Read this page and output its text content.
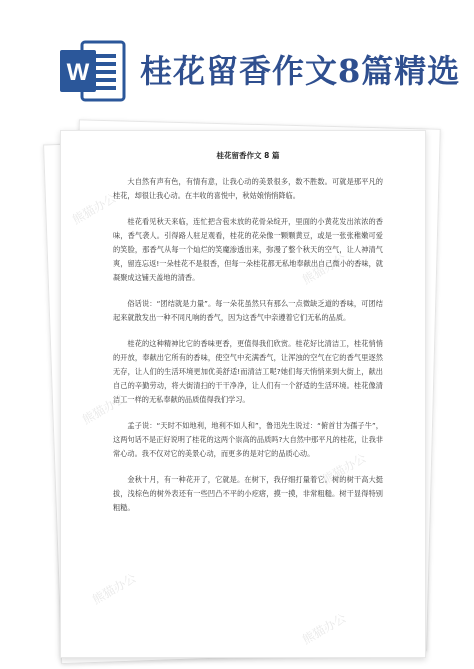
W 桂花留香作文8篇精选
桂花留香作文 8 篇

大自然有声有色，有情有意，让我心动的美景很多，数不胜数。可就是那平凡的桂花，却很让我心动。在丰收的喜悦中，秋姑娘悄悄降临。

桂花看见秋天来临，连忙把含苞未放的花骨朵绽开，里面的小黄花发出浓浓的香味，香气袭人。引得路人驻足观看，桂花的花朵像一颗颗黄豆，或是一张张稚嫩可爱的笑脸，那香气从每一个灿烂的笑魔渗透出来，弥漫了整个秋天的空气，让人神清气爽，留连忘返!一朵桂花不是很香，但每一朵桂花都无私地奉献出自己微小的香味，就凝聚成这铺天盖地的清香。

俗话说：“团结就是力量”。每一朵花虽然只有那么一点微缺乏道的香味，可团结起来就散发出一种不同凡响的香气，因为这香气中亲遵着它们无私的品质。

桂花的这种精神比它的香味更香，更值得我们欣赏。桂花好比清洁工，桂花悄悄的开放，奉献出它所有的香味，使空气中充满香气，让浑浊的空气在它的香气里逐然无存，让人们的生活环境更加优美舒适!而清洁工呢?她们每天悄悄来到大街上，献出自己的辛勤劳动，将大街清扫的干干净净，让人们有一个舒适的生活环境。桂花像清洁工一样的无私奉献的品质值得我们学习。

孟子说：“天时不如地利，地利不如人和”，鲁迅先生说过：“俯首甘为孺子牛”，这两句话不是正好说明了桂花的这两个崇高的品质吗?大自然中那平凡的桂花，让我非常心动。我不仅对它的美景心动，而更多的是对它的品质心动。

金秋十月，有一种花开了，它就是。在树下，我仔细打量着它。树的树干高大挺拔，浅棕色的树外表还有一些凹凸不平的小疙瘩，摸一摸，非常粗糙。树干显得特别粗糙。

熊猫办公
熊猫办公
熊猫办公
熊猫办公
熊猫办公
熊猫办公
